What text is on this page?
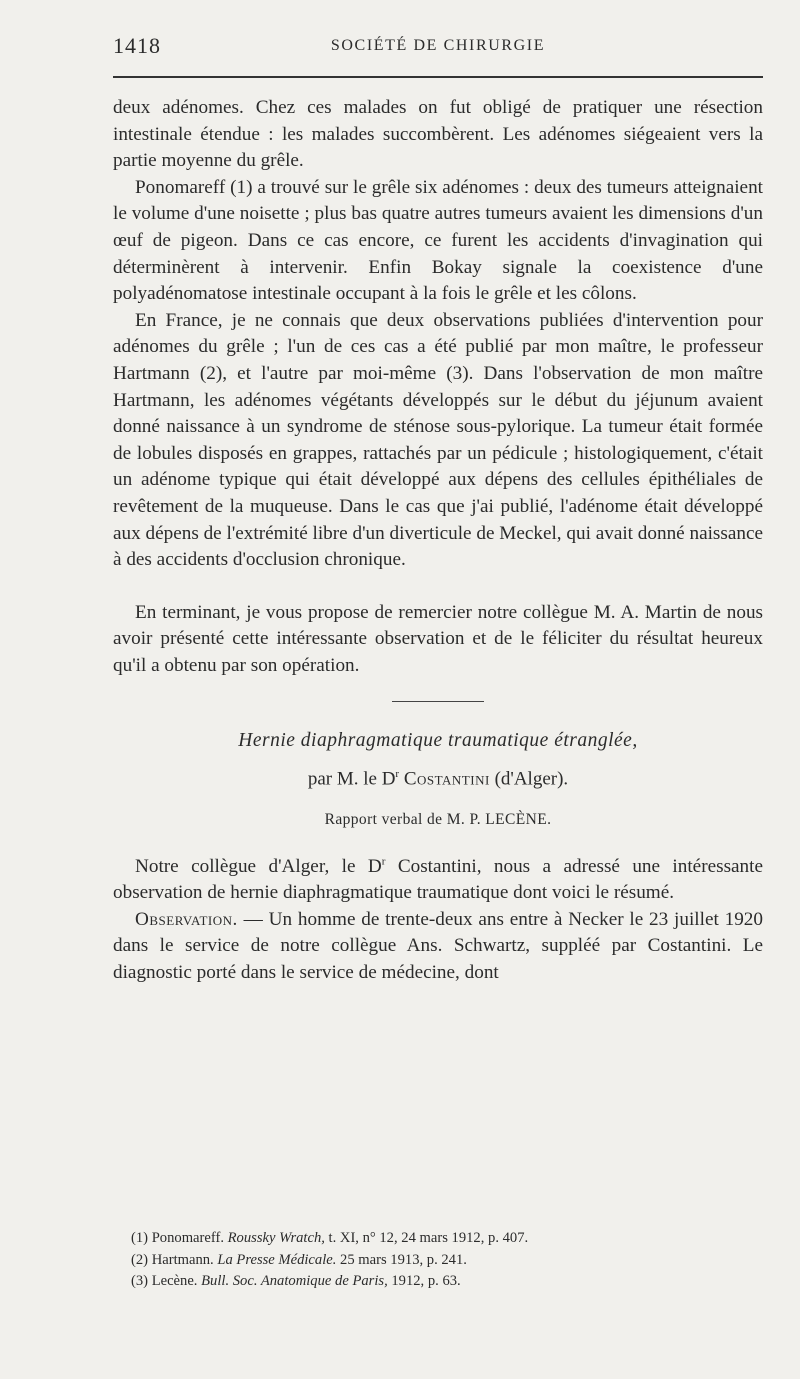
1418	SOCIÉTÉ DE CHIRURGIE

deux adénomes. Chez ces malades on fut obligé de pratiquer une résection intestinale étendue : les malades succombèrent. Les adénomes siégeaient vers la partie moyenne du grêle.

Ponomareff (1) a trouvé sur le grêle six adénomes : deux des tumeurs atteignaient le volume d'une noisette ; plus bas quatre autres tumeurs avaient les dimensions d'un œuf de pigeon. Dans ce cas encore, ce furent les accidents d'invagination qui déterminèrent à intervenir. Enfin Bokay signale la coexistence d'une polyadénomatose intestinale occupant à la fois le grêle et les côlons.

En France, je ne connais que deux observations publiées d'intervention pour adénomes du grêle ; l'un de ces cas a été publié par mon maître, le professeur Hartmann (2), et l'autre par moi-même (3). Dans l'observation de mon maître Hartmann, les adénomes végétants développés sur le début du jéjunum avaient donné naissance à un syndrome de sténose sous-pylorique. La tumeur était formée de lobules disposés en grappes, rattachés par un pédicule ; histologiquement, c'était un adénome typique qui était développé aux dépens des cellules épithéliales de revêtement de la muqueuse. Dans le cas que j'ai publié, l'adénome était développé aux dépens de l'extrémité libre d'un diverticule de Meckel, qui avait donné naissance à des accidents d'occlusion chronique.

En terminant, je vous propose de remercier notre collègue M. A. Martin de nous avoir présenté cette intéressante observation et de le féliciter du résultat heureux qu'il a obtenu par son opération.

Hernie diaphragmatique traumatique étranglée,
par M. le $D^r$ Costantini (d'Alger).
Rapport verbal de M. P. LECÈNE.

Notre collègue d'Alger, le $D^r$ Costantini, nous a adressé une intéressante observation de hernie diaphragmatique traumatique dont voici le résumé.

Observation. — Un homme de trente-deux ans entre à Necker le 23 juillet 1920 dans le service de notre collègue Ans. Schwartz, suppléé par Costantini. Le diagnostic porté dans le service de médecine, dont

(1) Ponomareff. Roussky Wratch, t. XI, n° 12, 24 mars 1912, p. 407.
(2) Hartmann. La Presse Médicale. 25 mars 1913, p. 241.
(3) Lecène. Bull. Soc. Anatomique de Paris, 1912, p. 63.
